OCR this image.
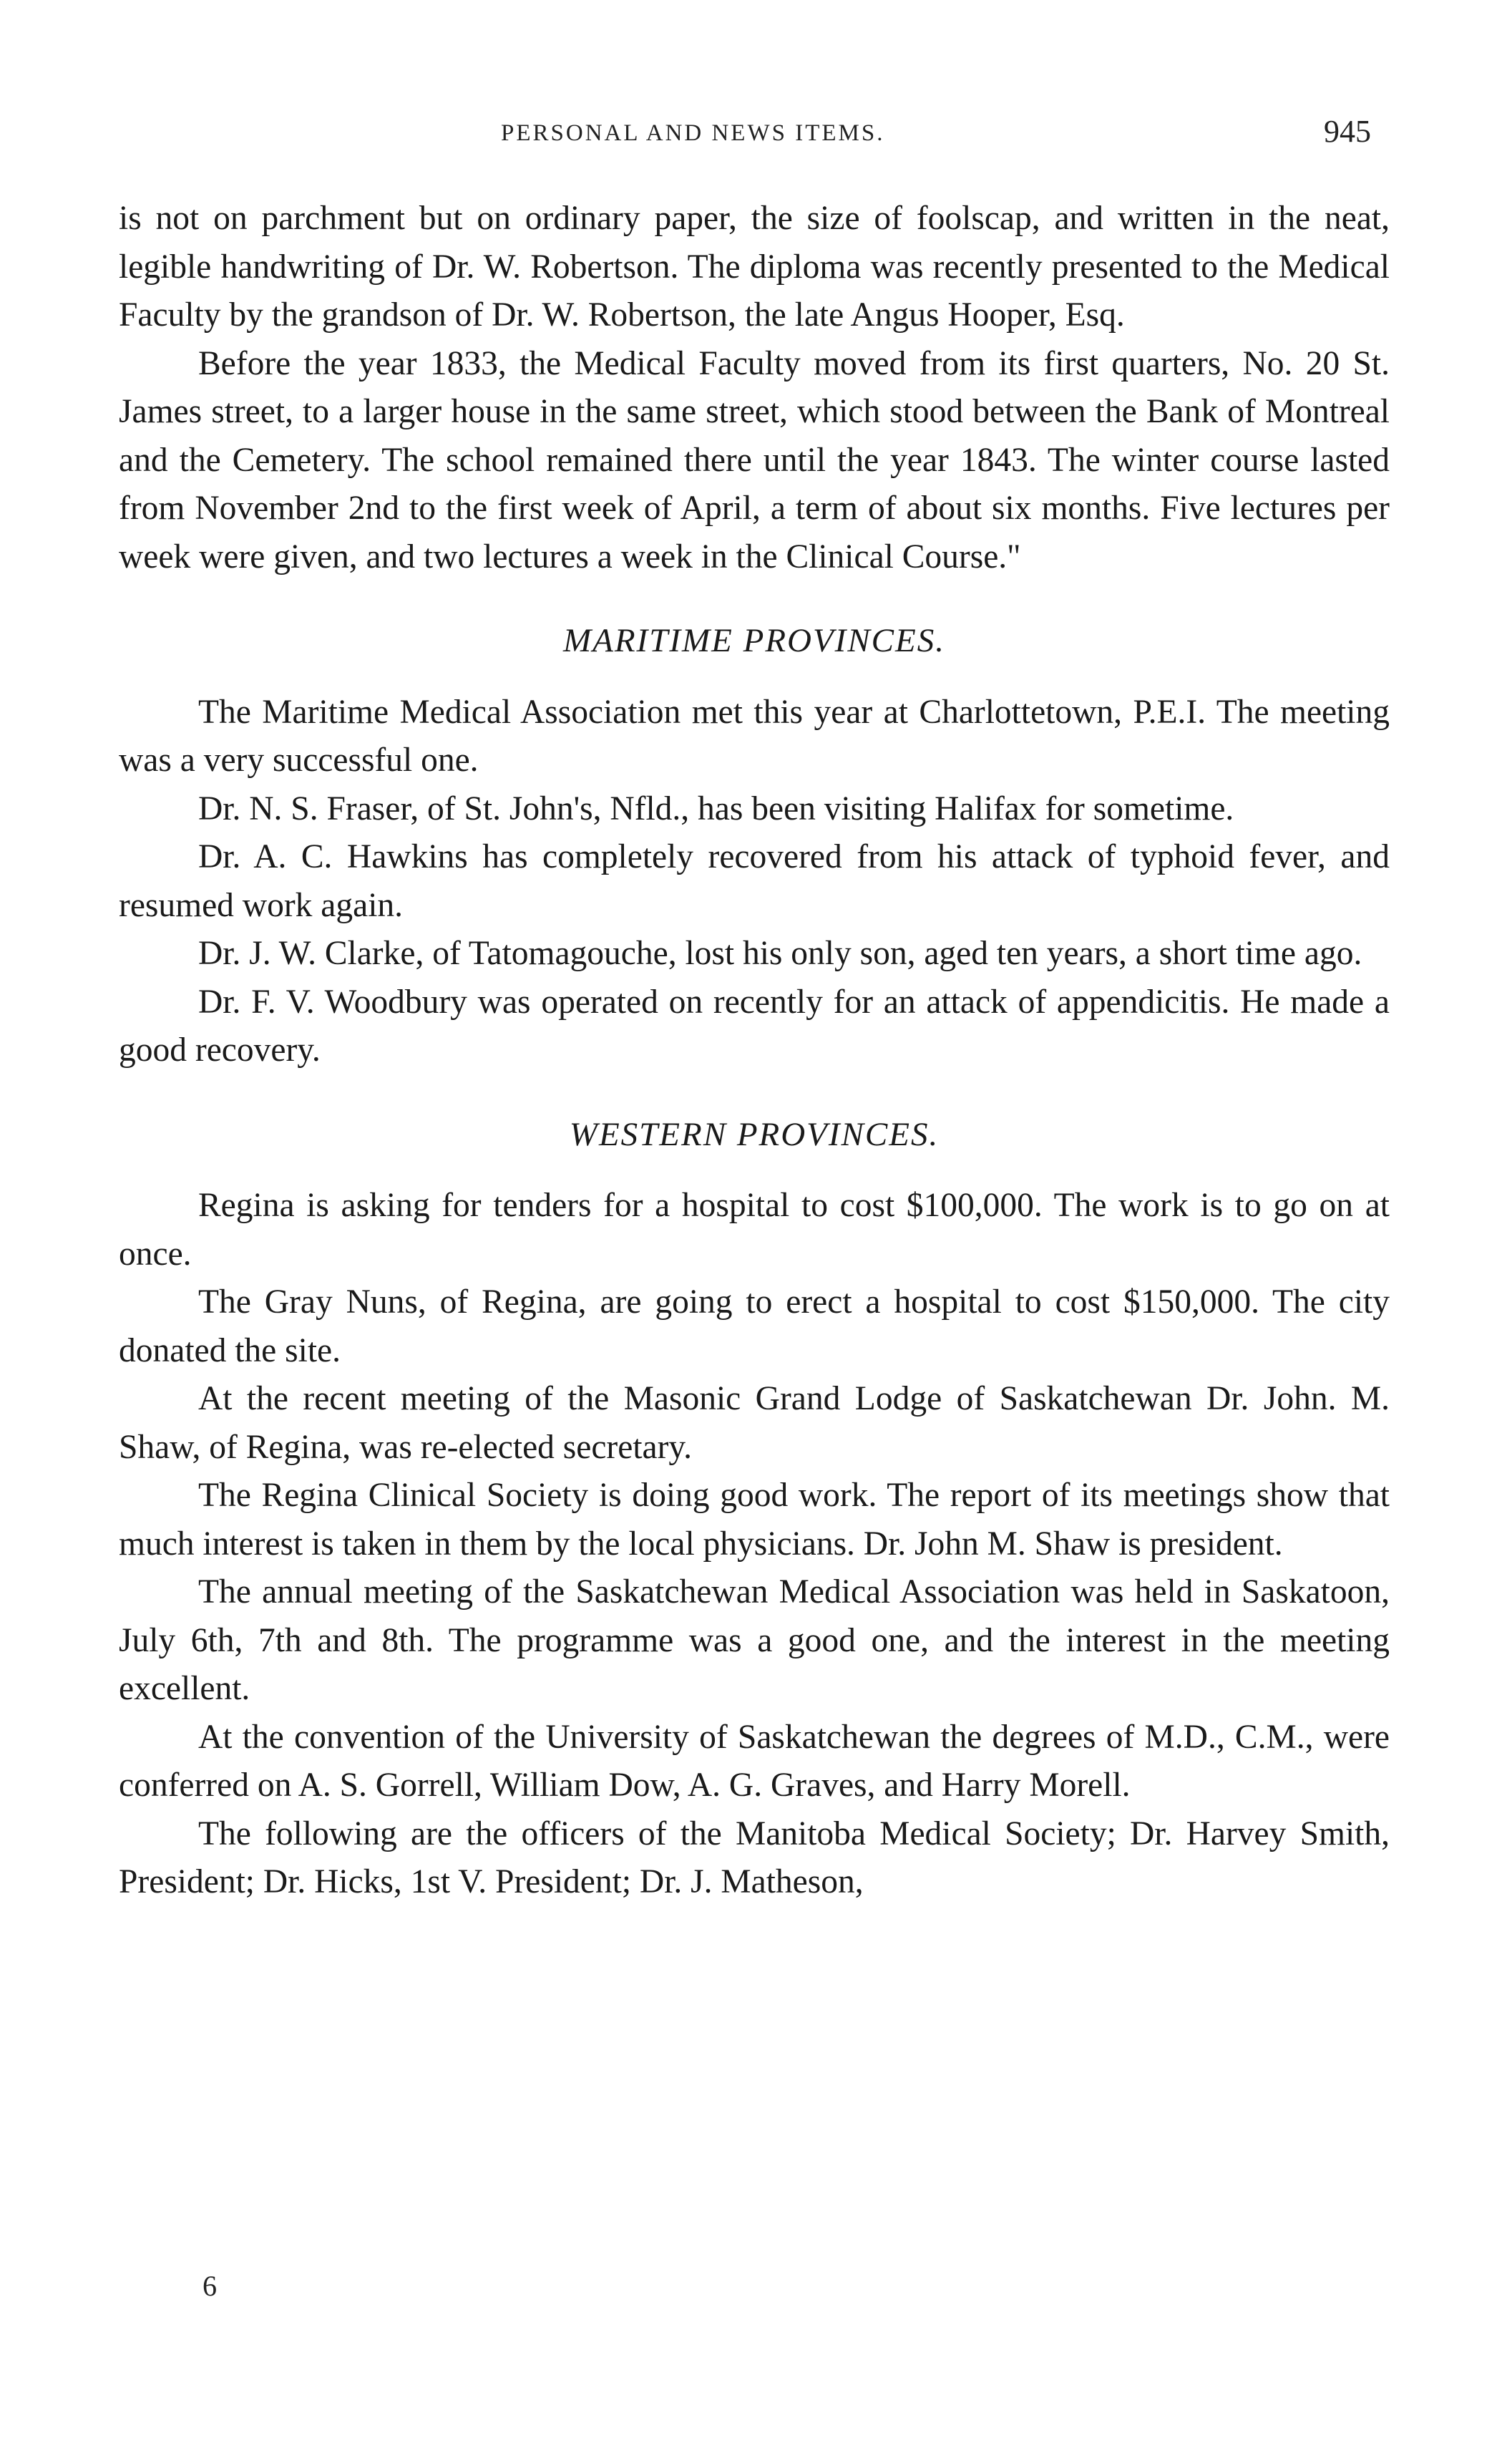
PERSONAL AND NEWS ITEMS.	945

is not on parchment but on ordinary paper, the size of foolscap, and written in the neat, legible handwriting of Dr. W. Robertson. The diploma was recently presented to the Medical Faculty by the grandson of Dr. W. Robertson, the late Angus Hooper, Esq.

Before the year 1833, the Medical Faculty moved from its first quarters, No. 20 St. James street, to a larger house in the same street, which stood between the Bank of Montreal and the Cemetery. The school remained there until the year 1843. The winter course lasted from November 2nd to the first week of April, a term of about six months. Five lectures per week were given, and two lectures a week in the Clinical Course."

MARITIME PROVINCES.

The Maritime Medical Association met this year at Charlottetown, P.E.I. The meeting was a very successful one.

Dr. N. S. Fraser, of St. John's, Nfld., has been visiting Halifax for sometime.

Dr. A. C. Hawkins has completely recovered from his attack of typhoid fever, and resumed work again.

Dr. J. W. Clarke, of Tatomagouche, lost his only son, aged ten years, a short time ago.

Dr. F. V. Woodbury was operated on recently for an attack of appendicitis. He made a good recovery.

WESTERN PROVINCES.

Regina is asking for tenders for a hospital to cost $100,000. The work is to go on at once.

The Gray Nuns, of Regina, are going to erect a hospital to cost $150,000. The city donated the site.

At the recent meeting of the Masonic Grand Lodge of Saskatchewan Dr. John. M. Shaw, of Regina, was re-elected secretary.

The Regina Clinical Society is doing good work. The report of its meetings show that much interest is taken in them by the local physicians. Dr. John M. Shaw is president.

The annual meeting of the Saskatchewan Medical Association was held in Saskatoon, July 6th, 7th and 8th. The programme was a good one, and the interest in the meeting excellent.

At the convention of the University of Saskatchewan the degrees of M.D., C.M., were conferred on A. S. Gorrell, William Dow, A. G. Graves, and Harry Morell.

The following are the officers of the Manitoba Medical Society; Dr. Harvey Smith, President; Dr. Hicks, 1st V. President; Dr. J. Matheson,

6
